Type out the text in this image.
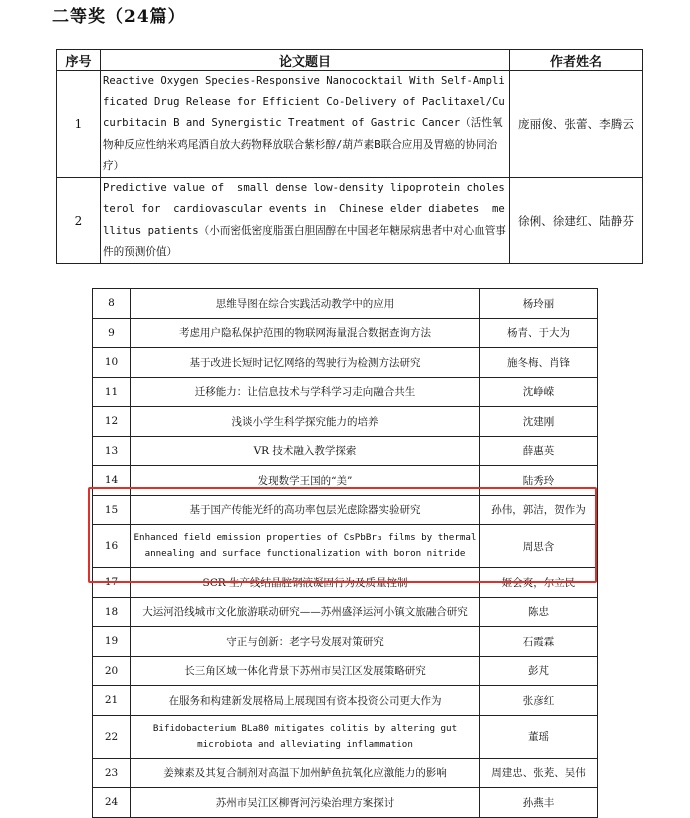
二等奖（24篇）
序号	论文题目	作者姓名
1	Reactive Oxygen Species-Responsive Nanococktail With Self-Amplificated Drug Release for Efficient Co-Delivery of Paclitaxel/Cucurbitacin B and Synergistic Treatment of Gastric Cancer（活性氧物种反应性纳米鸡尾酒自放大药物释放联合紫杉醇/葫芦素B联合应用及胃癌的协同治疗）	庞丽俊、张蕾、李腾云
2	Predictive value of  small dense low-density lipoprotein cholesterol for  cardiovascular events in  Chinese elder diabetes  mellitus patients（小而密低密度脂蛋白胆固醇在中国老年糖尿病患者中对心血管事件的预测价值）	徐俐、徐建红、陆静芬
8	思维导图在综合实践活动教学中的应用	杨玲丽
9	考虑用户隐私保护范围的物联网海量混合数据查询方法	杨青、于大为
10	基于改进长短时记忆网络的驾驶行为检测方法研究	施冬梅、肖锋
11	迁移能力：让信息技术与学科学习走向融合共生	沈峥嵘
12	浅谈小学生科学探究能力的培养	沈建刚
13	VR 技术融入教学探索	薛惠英
14	发现数学王国的“美”	陆秀玲
15	基于国产传能光纤的高功率包层光虑除器实验研究	孙伟，郭洁，贺作为
16	Enhanced field emission properties of CsPbBr₃ films by thermal annealing and surface functionalization with boron nitride	周思含
17	SCR 生产线结晶腔钢液凝固行为及质量控制	姬会爽，尔立民
18	大运河沿线城市文化旅游联动研究——苏州盛泽运河小镇文旅融合研究	陈忠
19	守正与创新：老字号发展对策研究	石霞霖
20	长三角区域一体化背景下苏州市吴江区发展策略研究	彭芃
21	在服务和构建新发展格局上展现国有资本投资公司更大作为	张彦红
22	Bifidobacterium BLa80 mitigates colitis by altering gut microbiota and alleviating inflammation	董瑶
23	姜辣素及其复合制剂对高温下加州鲈鱼抗氧化应激能力的影响	周建忠、张茺、吴伟
24	苏州市吴江区柳胥河污染治理方案探讨	孙燕丰
